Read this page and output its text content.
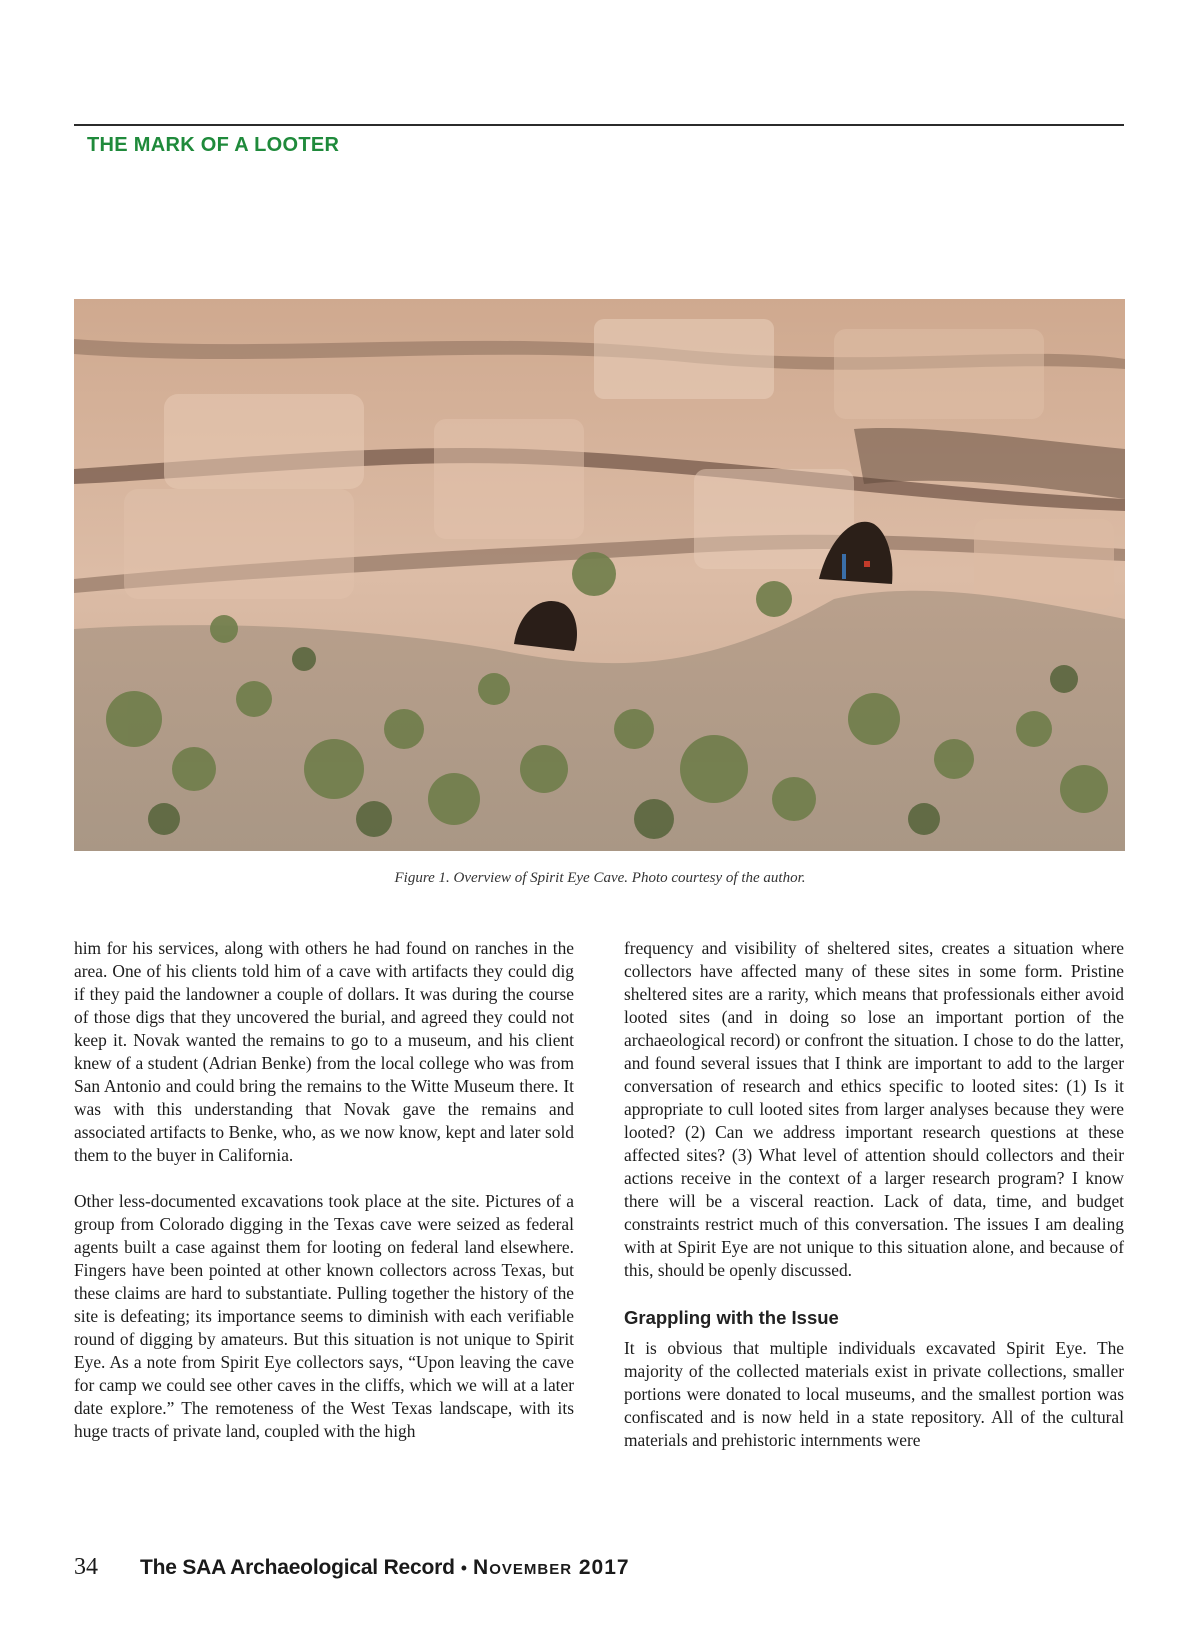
THE MARK OF A LOOTER
Figure 1. Overview of Spirit Eye Cave. Photo courtesy of the author.

him for his services, along with others he had found on ranches in the area. One of his clients told him of a cave with artifacts they could dig if they paid the landowner a couple of dollars. It was during the course of those digs that they uncovered the burial, and agreed they could not keep it. Novak wanted the remains to go to a museum, and his client knew of a student (Adrian Benke) from the local college who was from San Antonio and could bring the remains to the Witte Museum there. It was with this understanding that Novak gave the remains and associated artifacts to Benke, who, as we now know, kept and later sold them to the buyer in California.

Other less-documented excavations took place at the site. Pictures of a group from Colorado digging in the Texas cave were seized as federal agents built a case against them for looting on federal land elsewhere. Fingers have been pointed at other known collectors across Texas, but these claims are hard to substantiate. Pulling together the history of the site is defeating; its importance seems to diminish with each verifiable round of digging by amateurs. But this situation is not unique to Spirit Eye. As a note from Spirit Eye collectors says, “Upon leaving the cave for camp we could see other caves in the cliffs, which we will at a later date explore.” The remoteness of the West Texas landscape, with its huge tracts of private land, coupled with the high

frequency and visibility of sheltered sites, creates a situation where collectors have affected many of these sites in some form. Pristine sheltered sites are a rarity, which means that professionals either avoid looted sites (and in doing so lose an important portion of the archaeological record) or confront the situation. I chose to do the latter, and found several issues that I think are important to add to the larger conversation of research and ethics specific to looted sites: (1) Is it appropriate to cull looted sites from larger analyses because they were looted? (2) Can we address important research questions at these affected sites? (3) What level of attention should collectors and their actions receive in the context of a larger research program? I know there will be a visceral reaction. Lack of data, time, and budget constraints restrict much of this conversation. The issues I am dealing with at Spirit Eye are not unique to this situation alone, and because of this, should be openly discussed.

Grappling with the Issue

It is obvious that multiple individuals excavated Spirit Eye. The majority of the collected materials exist in private collections, smaller portions were donated to local museums, and the smallest portion was confiscated and is now held in a state repository. All of the cultural materials and prehistoric internments were

34 The SAA Archaeological Record • November 2017
